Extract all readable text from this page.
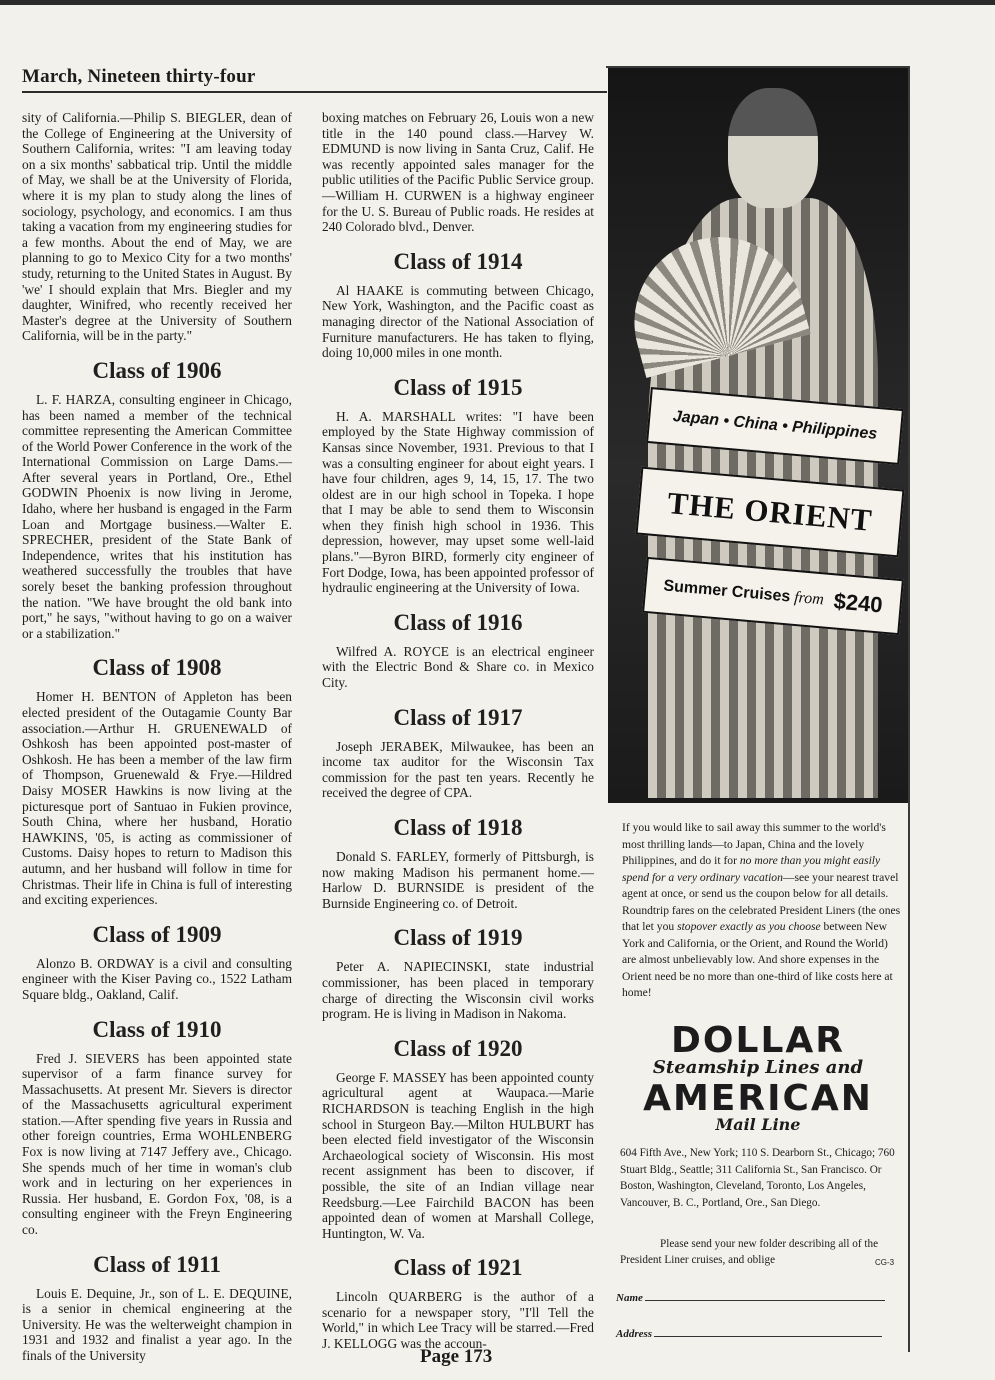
March, Nineteen thirty-four

sity of California.—Philip S. BIEGLER, dean of the College of Engineering at the University of Southern California, writes: "I am leaving today on a six months' sabbatical trip. Until the middle of May, we shall be at the University of Florida, where it is my plan to study along the lines of sociology, psychology, and economics. I am thus taking a vacation from my engineering studies for a few months. About the end of May, we are planning to go to Mexico City for a two months' study, returning to the United States in August. By 'we' I should explain that Mrs. Biegler and my daughter, Winifred, who recently received her Master's degree at the University of Southern California, will be in the party."

Class of 1906

L. F. HARZA, consulting engineer in Chicago, has been named a member of the technical committee representing the American Committee of the World Power Conference in the work of the International Commission on Large Dams.—After several years in Portland, Ore., Ethel GODWIN Phoenix is now living in Jerome, Idaho, where her husband is engaged in the Farm Loan and Mortgage business.—Walter E. SPRECHER, president of the State Bank of Independence, writes that his institution has weathered successfully the troubles that have sorely beset the banking profession throughout the nation. "We have brought the old bank into port," he says, "without having to go on a waiver or a stabilization."

Class of 1908

Homer H. BENTON of Appleton has been elected president of the Outagamie County Bar association.—Arthur H. GRUENEWALD of Oshkosh has been appointed post-master of Oshkosh. He has been a member of the law firm of Thompson, Gruenewald & Frye.—Hildred Daisy MOSER Hawkins is now living at the picturesque port of Santuao in Fukien province, South China, where her husband, Horatio HAWKINS, '05, is acting as commissioner of Customs. Daisy hopes to return to Madison this autumn, and her husband will follow in time for Christmas. Their life in China is full of interesting and exciting experiences.

Class of 1909

Alonzo B. ORDWAY is a civil and consulting engineer with the Kiser Paving co., 1522 Latham Square bldg., Oakland, Calif.

Class of 1910

Fred J. SIEVERS has been appointed state supervisor of a farm finance survey for Massachusetts. At present Mr. Sievers is director of the Massachusetts agricultural experiment station.—After spending five years in Russia and other foreign countries, Erma WOHLENBERG Fox is now living at 7147 Jeffery ave., Chicago. She spends much of her time in woman's club work and in lecturing on her experiences in Russia. Her husband, E. Gordon Fox, '08, is a consulting engineer with the Freyn Engineering co.

Class of 1911

Louis E. Dequine, Jr., son of L. E. DEQUINE, is a senior in chemical engineering at the University. He was the welterweight champion in 1931 and 1932 and finalist a year ago. In the finals of the University

boxing matches on February 26, Louis won a new title in the 140 pound class.—Harvey W. EDMUND is now living in Santa Cruz, Calif. He was recently appointed sales manager for the public utilities of the Pacific Public Service group.—William H. CURWEN is a highway engineer for the U. S. Bureau of Public roads. He resides at 240 Colorado blvd., Denver.

Class of 1914

Al HAAKE is commuting between Chicago, New York, Washington, and the Pacific coast as managing director of the National Association of Furniture manufacturers. He has taken to flying, doing 10,000 miles in one month.

Class of 1915

H. A. MARSHALL writes: "I have been employed by the State Highway commission of Kansas since November, 1931. Previous to that I was a consulting engineer for about eight years. I have four children, ages 9, 14, 15, 17. The two oldest are in our high school in Topeka. I hope that I may be able to send them to Wisconsin when they finish high school in 1936. This depression, however, may upset some well-laid plans."—Byron BIRD, formerly city engineer of Fort Dodge, Iowa, has been appointed professor of hydraulic engineering at the University of Iowa.

Class of 1916

Wilfred A. ROYCE is an electrical engineer with the Electric Bond & Share co. in Mexico City.

Class of 1917

Joseph JERABEK, Milwaukee, has been an income tax auditor for the Wisconsin Tax commission for the past ten years. Recently he received the degree of CPA.

Class of 1918

Donald S. FARLEY, formerly of Pittsburgh, is now making Madison his permanent home.—Harlow D. BURNSIDE is president of the Burnside Engineering co. of Detroit.

Class of 1919

Peter A. NAPIECINSKI, state industrial commissioner, has been placed in temporary charge of directing the Wisconsin civil works program. He is living in Madison in Nakoma.

Class of 1920

George F. MASSEY has been appointed county agricultural agent at Waupaca.—Marie RICHARDSON is teaching English in the high school in Sturgeon Bay.—Milton HULBURT has been elected field investigator of the Wisconsin Archaeological society of Wisconsin. His most recent assignment has been to discover, if possible, the site of an Indian village near Reedsburg.—Lee Fairchild BACON has been appointed dean of women at Marshall College, Huntington, W. Va.

Class of 1921

Lincoln QUARBERG is the author of a scenario for a newspaper story, "I'll Tell the World," in which Lee Tracy will be starred.—Fred J. KELLOGG was the accoun-

Japan • China • Philippines
THE ORIENT
Summer Cruises from $240
If you would like to sail away this summer to the world's most thrilling lands—to Japan, China and the lovely Philippines, and do it for no more than you might easily spend for a very ordinary vacation—see your nearest travel agent at once, or send us the coupon below for all details. Roundtrip fares on the celebrated President Liners (the ones that let you stopover exactly as you choose between New York and California, or the Orient, and Round the World) are almost unbelievably low. And shore expenses in the Orient need be no more than one-third of like costs here at home!
DOLLAR
Steamship Lines and
AMERICAN
Mail Line
604 Fifth Ave., New York; 110 S. Dearborn St., Chicago; 760 Stuart Bldg., Seattle; 311 California St., San Francisco. Or Boston, Washington, Cleveland, Toronto, Los Angeles, Vancouver, B. C., Portland, Ore., San Diego.
Please send your new folder describing all of the President Liner cruises, and oblige	CG-3
Name
Address
Page 173
